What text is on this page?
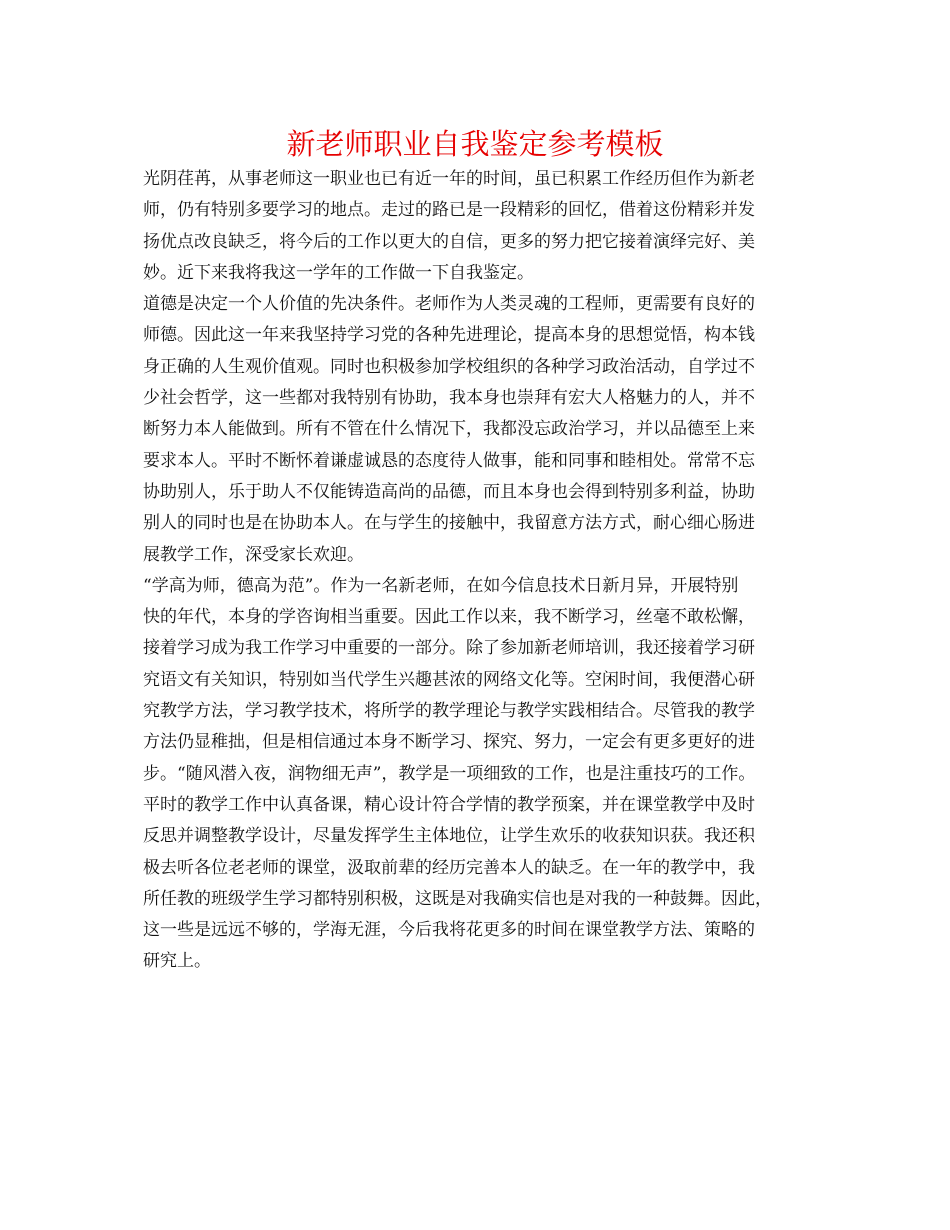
新老师职业自我鉴定参考模板
光阴荏苒，从事老师这一职业也已有近一年的时间，虽已积累工作经历但作为新老
师，仍有特别多要学习的地点。走过的路已是一段精彩的回忆，借着这份精彩并发
扬优点改良缺乏，将今后的工作以更大的自信，更多的努力把它接着演绎完好、美
妙。近下来我将我这一学年的工作做一下自我鉴定。
道德是决定一个人价值的先决条件。老师作为人类灵魂的工程师，更需要有良好的
师德。因此这一年来我坚持学习党的各种先进理论，提高本身的思想觉悟，构本钱
身正确的人生观价值观。同时也积极参加学校组织的各种学习政治活动，自学过不
少社会哲学，这一些都对我特别有协助，我本身也崇拜有宏大人格魅力的人，并不
断努力本人能做到。所有不管在什么情况下，我都没忘政治学习，并以品德至上来
要求本人。平时不断怀着谦虚诚恳的态度待人做事，能和同事和睦相处。常常不忘
协助别人，乐于助人不仅能铸造高尚的品德，而且本身也会得到特别多利益，协助
别人的同时也是在协助本人。在与学生的接触中，我留意方法方式，耐心细心肠进
展教学工作，深受家长欢迎。
“学高为师，德高为范”。作为一名新老师，在如今信息技术日新月异，开展特别
快的年代，本身的学咨询相当重要。因此工作以来，我不断学习，丝毫不敢松懈，
接着学习成为我工作学习中重要的一部分。除了参加新老师培训，我还接着学习研
究语文有关知识，特别如当代学生兴趣甚浓的网络文化等。空闲时间，我便潜心研
究教学方法，学习教学技术，将所学的教学理论与教学实践相结合。尽管我的教学
方法仍显稚拙，但是相信通过本身不断学习、探究、努力，一定会有更多更好的进
步。“随风潜入夜，润物细无声”，教学是一项细致的工作，也是注重技巧的工作。
平时的教学工作中认真备课，精心设计符合学情的教学预案，并在课堂教学中及时
反思并调整教学设计，尽量发挥学生主体地位，让学生欢乐的收获知识获。我还积
极去听各位老老师的课堂，汲取前辈的经历完善本人的缺乏。在一年的教学中，我
所任教的班级学生学习都特别积极，这既是对我确实信也是对我的一种鼓舞。因此，
这一些是远远不够的，学海无涯，今后我将花更多的时间在课堂教学方法、策略的
研究上。
